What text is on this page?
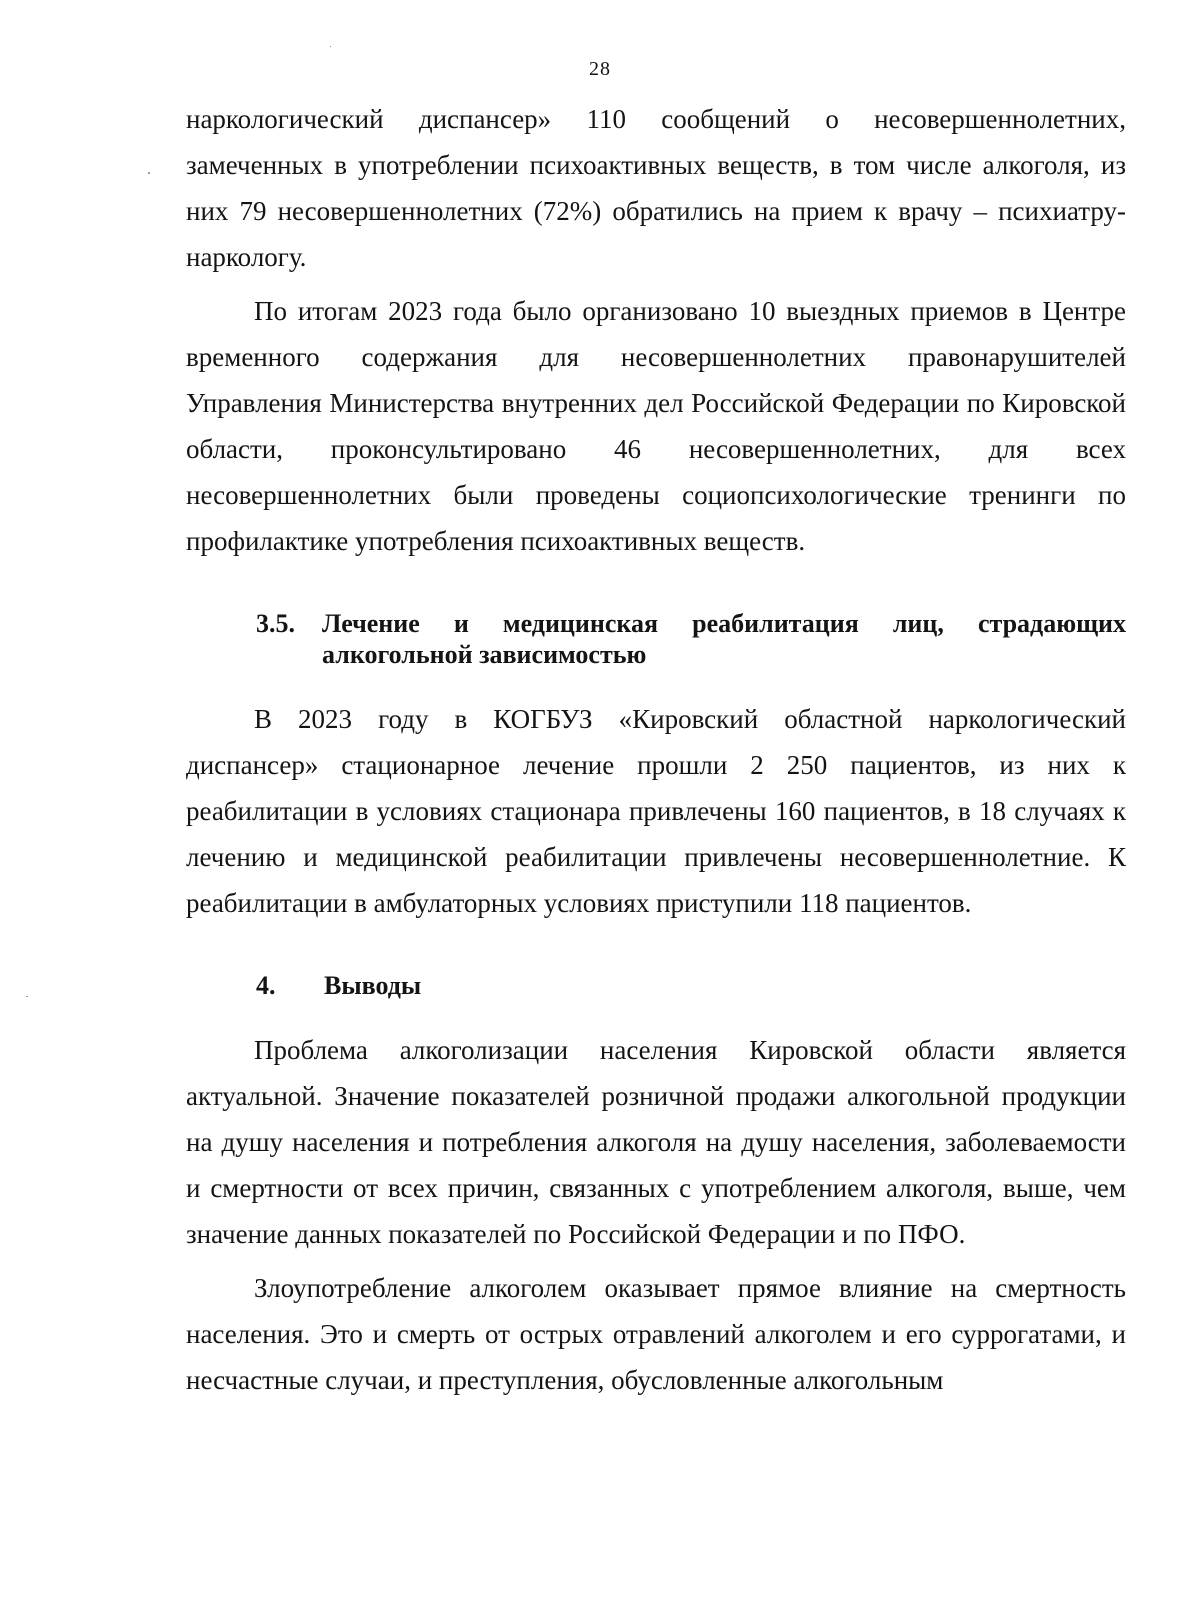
28

наркологический диспансер» 110 сообщений о несовершеннолетних, замеченных в употреблении психоактивных веществ, в том числе алкоголя, из них 79 несовершеннолетних (72%) обратились на прием к врачу – психиатру-наркологу.

По итогам 2023 года было организовано 10 выездных приемов в Центре временного содержания для несовершеннолетних правонарушителей Управления Министерства внутренних дел Российской Федерации по Кировской области, проконсультировано 46 несовершеннолетних, для всех несовершеннолетних были проведены социопсихологические тренинги по профилактике употребления психоактивных веществ.

3.5.	Лечение и медицинская реабилитация лиц, страдающих алкогольной зависимостью

В 2023 году в КОГБУЗ «Кировский областной наркологический диспансер» стационарное лечение прошли 2 250 пациентов, из них к реабилитации в условиях стационара привлечены 160 пациентов, в 18 случаях к лечению и медицинской реабилитации привлечены несовершеннолетние. К реабилитации в амбулаторных условиях приступили 118 пациентов.

4.	Выводы

Проблема алкоголизации населения Кировской области является актуальной. Значение показателей розничной продажи алкогольной продукции на душу населения и потребления алкоголя на душу населения, заболеваемости и смертности от всех причин, связанных с употреблением алкоголя, выше, чем значение данных показателей по Российской Федерации и по ПФО.

Злоупотребление алкоголем оказывает прямое влияние на смертность населения. Это и смерть от острых отравлений алкоголем и его суррогатами, и несчастные случаи, и преступления, обусловленные алкогольным
